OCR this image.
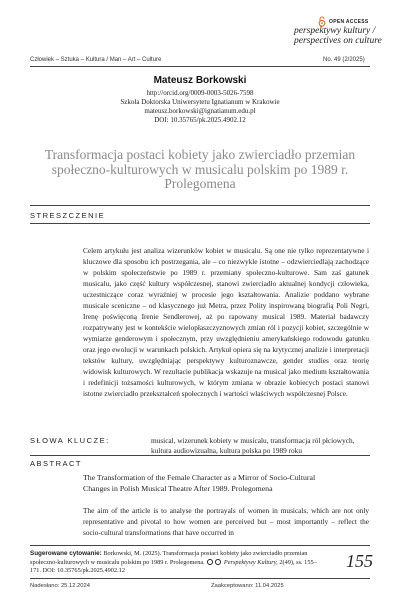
OPEN ACCESS
perspektywy kultury /
perspectives on culture
Człowiek – Sztuka – Kultura / Man – Art – Culture	No. 49 (2/2025)
Mateusz Borkowski
http://orcid.org/0009-0003-5026-7598
Szkoła Doktorska Uniwersytetu Ignatianum w Krakowie
mateusz.borkowski@ignatianum.edu.pl
DOI: 10.35765/pk.2025.4902.12
Transformacja postaci kobiety jako zwierciadło przemian
społeczno-kulturowych w musicalu polskim po 1989 r.
Prolegomena
STRESZCZENIE

Celem artykułu jest analiza wizerunków kobiet w musicalu. Są one nie tylko reprezentatywne i kluczowe dla sposobu ich postrzegania, ale – co niezwykle istotne – odzwierciedlają zachodzące w polskim społeczeństwie po 1989 r. przemiany społeczno-kulturowe. Sam zaś gatunek musicalu, jako część kultury współczesnej, stanowi zwierciadło aktualnej kondycji człowieka, uczestniczące coraz wyraźniej w procesie jego kształtowania. Analizie poddano wybrane musicale sceniczne – od klasycznego już Metra, przez Polity inspirowaną biografią Poli Negri, Irenę poświęconą Irenie Sendlerowej, aż po rapowany musical 1989. Materiał badawczy rozpatrywany jest w kontekście wielopłaszczyznowych zmian ról i pozycji kobiet, szczególnie w wymiarze genderowym i społecznym, przy uwzględnieniu amerykańskiego rodowodu gatunku oraz jego ewolucji w warunkach polskich. Artykuł opiera się na krytycznej analizie i interpretacji tekstów kultury, uwzględniając perspektywy kulturoznawcze, gender studies oraz teorię widowisk kulturowych. W rezultacie publikacja wskazuje na musical jako medium kształtowania i redefinicji tożsamości kulturowych, w którym zmiana w obrazie kobiecych postaci stanowi istotne zwierciadło przekształceń społecznych i wartości właściwych współczesnej Polsce.

SŁOWA KLUCZE:	musical, wizerunek kobiety w musicalu, transformacja ról płciowych, kultura audiowizualna, kultura polska po 1989 roku
ABSTRACT
The Transformation of the Female Character as a Mirror of Socio-Cultural
Changes in Polish Musical Theatre After 1989. Prolegomena
The aim of the article is to analyse the portrayals of women in musicals, which are not only representative and pivotal to how women are perceived but – most importantly – reflect the socio-cultural transformations that have occurred in
Sugerowane cytowanie: Borkowski, M. (2025). Transformacja postaci kobiety jako zwierciadło przemian społeczno-kulturowych w musicalu polskim po 1989 r. Prolegomena.	Perspektywy Kultury, 2(49), ss. 155–171. DOI: 10.35765/pk.2025.4902.12	155
Nadesłano: 25.12.2024	Zaakceptowano: 11.04.2025
